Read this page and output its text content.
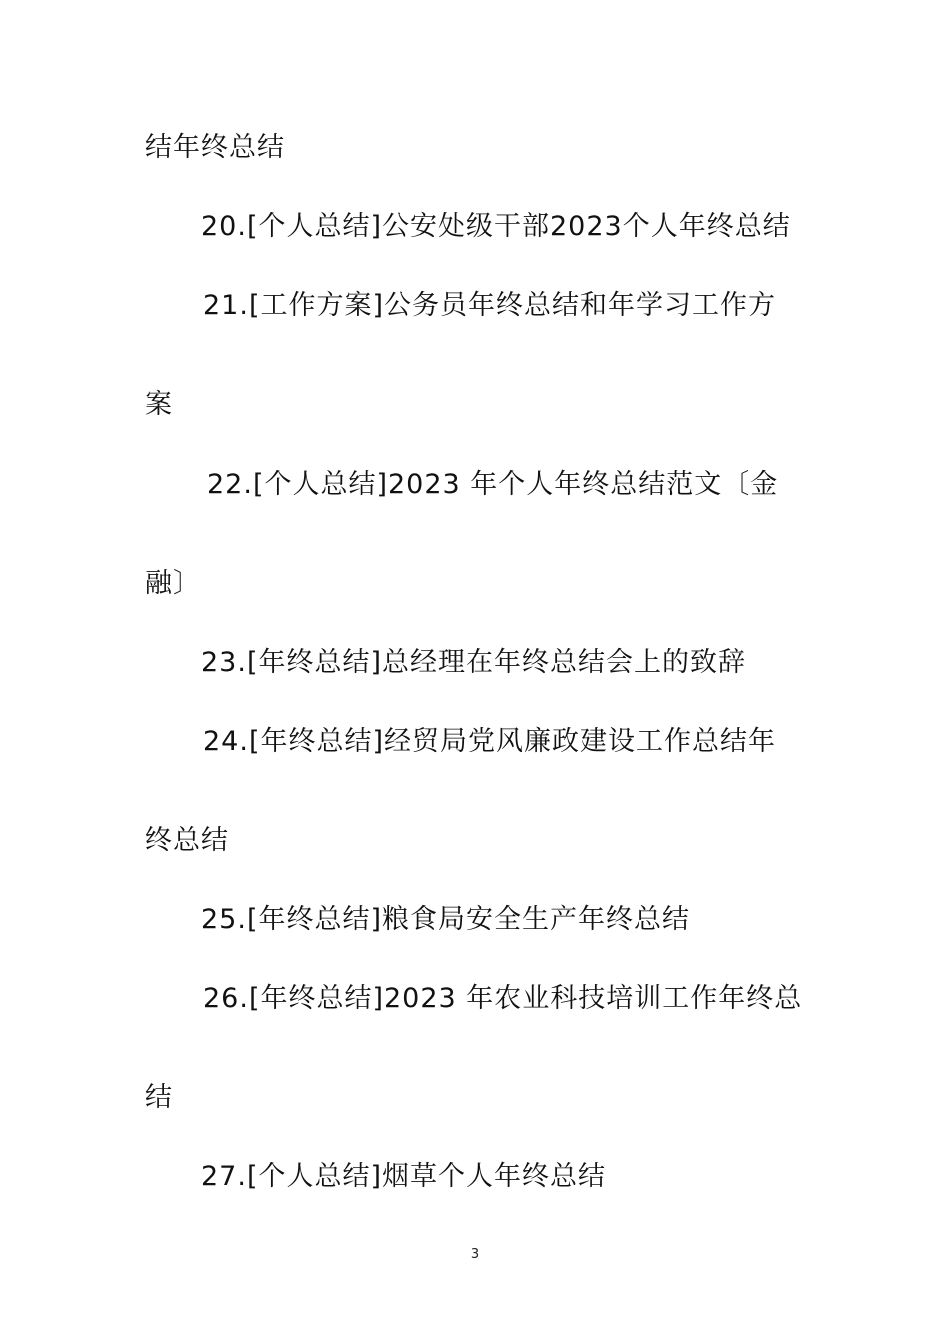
结年终总结
20.[个人总结]公安处级干部2023个人年终总结
21.[工作方案]公务员年终总结和年学习工作方
案
22.[个人总结]2023 年个人年终总结范文〔金
融〕
23.[年终总结]总经理在年终总结会上的致辞
24.[年终总结]经贸局党风廉政建设工作总结年
终总结
25.[年终总结]粮食局安全生产年终总结
26.[年终总结]2023 年农业科技培训工作年终总
结
27.[个人总结]烟草个人年终总结
3
